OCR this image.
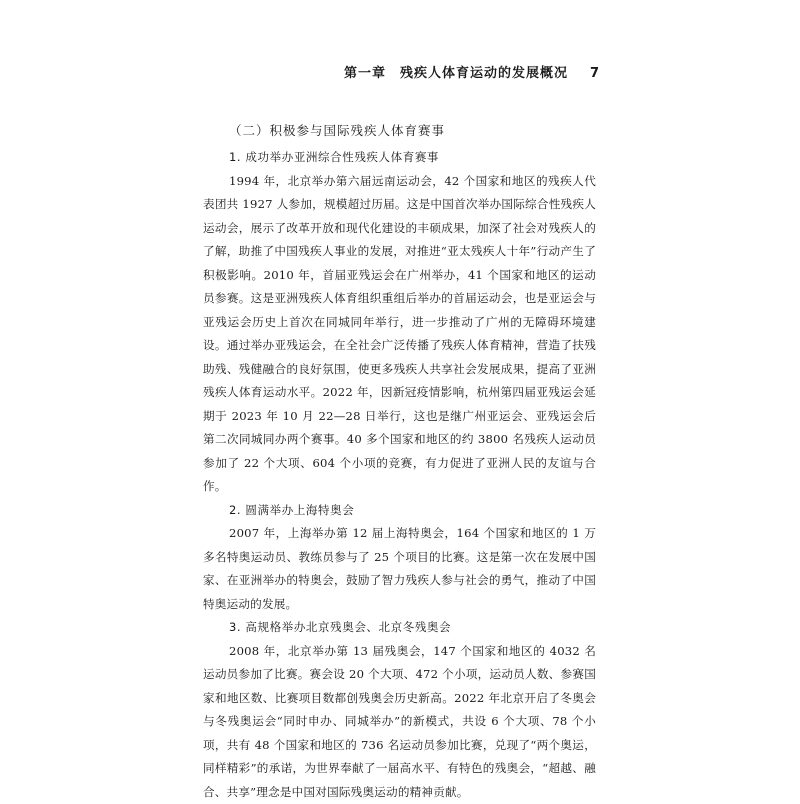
第一章　残疾人体育运动的发展概况 7
（二）积极参与国际残疾人体育赛事
1. 成功举办亚洲综合性残疾人体育赛事

1994 年，北京举办第六届远南运动会，42 个国家和地区的残疾人代表团共 1927 人参加，规模超过历届。这是中国首次举办国际综合性残疾人运动会，展示了改革开放和现代化建设的丰硕成果，加深了社会对残疾人的了解，助推了中国残疾人事业的发展，对推进“亚太残疾人十年”行动产生了积极影响。2010 年，首届亚残运会在广州举办，41 个国家和地区的运动员参赛。这是亚洲残疾人体育组织重组后举办的首届运动会，也是亚运会与亚残运会历史上首次在同城同年举行，进一步推动了广州的无障碍环境建设。通过举办亚残运会，在全社会广泛传播了残疾人体育精神，营造了扶残助残、残健融合的良好氛围，使更多残疾人共享社会发展成果，提高了亚洲残疾人体育运动水平。2022 年，因新冠疫情影响，杭州第四届亚残运会延期于 2023 年 10 月 22—28 日举行，这也是继广州亚运会、亚残运会后第二次同城同办两个赛事。40 多个国家和地区的约 3800 名残疾人运动员参加了 22 个大项、604 个小项的竞赛，有力促进了亚洲人民的友谊与合作。

2. 圆满举办上海特奥会

2007 年，上海举办第 12 届上海特奥会，164 个国家和地区的 1 万多名特奥运动员、教练员参与了 25 个项目的比赛。这是第一次在发展中国家、在亚洲举办的特奥会，鼓励了智力残疾人参与社会的勇气，推动了中国特奥运动的发展。

3. 高规格举办北京残奥会、北京冬残奥会

2008 年，北京举办第 13 届残奥会，147 个国家和地区的 4032 名运动员参加了比赛。赛会设 20 个大项、472 个小项，运动员人数、参赛国家和地区数、比赛项目数都创残奥会历史新高。2022 年北京开启了冬奥会与冬残奥运会“同时申办、同城举办”的新模式，共设 6 个大项、78 个小项，共有 48 个国家和地区的 736 名运动员参加比赛，兑现了“两个奥运，同样精彩”的承诺，为世界奉献了一届高水平、有特色的残奥会，“超越、融合、共享”理念是中国对国际残奥运动的精神贡献。
